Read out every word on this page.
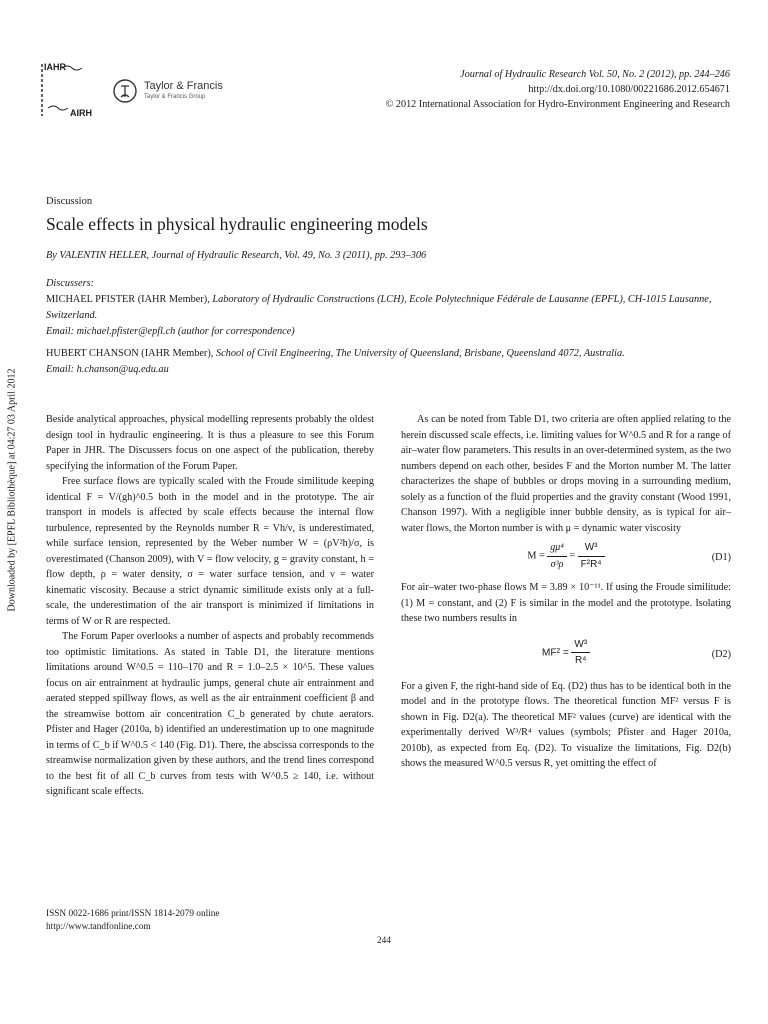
IAHR
AIRH
Taylor & Francis
Taylor & Francis Group
Journal of Hydraulic Research Vol. 50, No. 2 (2012), pp. 244–246
http://dx.doi.org/10.1080/00221686.2012.654671
© 2012 International Association for Hydro-Environment Engineering and Research
Discussion
Scale effects in physical hydraulic engineering models
By VALENTIN HELLER, Journal of Hydraulic Research, Vol. 49, No. 3 (2011), pp. 293–306
Discussers:
MICHAEL PFISTER (IAHR Member), Laboratory of Hydraulic Constructions (LCH), Ecole Polytechnique Fédérale de Lausanne (EPFL), CH-1015 Lausanne, Switzerland.
Email: michael.pfister@epfl.ch (author for correspondence)
HUBERT CHANSON (IAHR Member), School of Civil Engineering, The University of Queensland, Brisbane, Queensland 4072, Australia.
Email: h.chanson@uq.edu.au
Downloaded by [EPFL Bibliothèque] at 04:27 03 April 2012	Beside analytical approaches, physical modelling represents probably the oldest design tool in hydraulic engineering. It is thus a pleasure to see this Forum Paper in JHR. The Discussers focus on one aspect of the publication, thereby specifying the information of the Forum Paper.

Free surface flows are typically scaled with the Froude similitude keeping identical F = V/(gh)^0.5 both in the model and in the prototype. The air transport in models is affected by scale effects because the internal flow turbulence, represented by the Reynolds number R = Vh/ν, is underestimated, while surface tension, represented by the Weber number W = (ρV²h)/σ, is overestimated (Chanson 2009), with V = flow velocity, g = gravity constant, h = flow depth, ρ = water density, σ = water surface tension, and ν = water kinematic viscosity. Because a strict dynamic similitude exists only at a full-scale, the underestimation of the air transport is minimized if limitations in terms of W or R are respected.

The Forum Paper overlooks a number of aspects and probably recommends too optimistic limitations. As stated in Table D1, the literature mentions limitations around W^0.5 = 110–170 and R = 1.0–2.5 × 10^5. These values focus on air entrainment at hydraulic jumps, general chute air entrainment and aerated stepped spillway flows, as well as the air entrainment coefficient β and the streamwise bottom air concentration C_b generated by chute aerators. Pfister and Hager (2010a, b) identified an underestimation up to one magnitude in terms of C_b if W^0.5 < 140 (Fig. D1). There, the abscissa corresponds to the streamwise normalization given by these authors, and the trend lines correspond to the best fit of all C_b curves from tests with W^0.5 ≥ 140, i.e. without significant scale effects.

As can be noted from Table D1, two criteria are often applied relating to the herein discussed scale effects, i.e. limiting values for W^0.5 and R for a range of air–water flow parameters. This results in an over-determined system, as the two numbers depend on each other, besides F and the Morton number M. The latter characterizes the shape of bubbles or drops moving in a surrounding medium, solely as a function of the fluid properties and the gravity constant (Wood 1991, Chanson 1997). With a negligible inner bubble density, as is typical for air–water flows, the Morton number is with μ = dynamic water viscosity

$M = \frac{\text{gμ⁴}}{\text{σ³ρ}} = \frac{\text{W³}}{\text{F²R⁴}}$	(D1)

For air–water two-phase flows M = 3.89 × 10⁻¹¹. If using the Froude similitude: (1) M = constant, and (2) F is similar in the model and the prototype. Isolating these two numbers results in

$MF^2 = \frac{\text{W³}}{\text{R⁴}}$	(D2)

For a given F, the right-hand side of Eq. (D2) thus has to be identical both in the model and in the prototype flows. The theoretical function MF² versus F is shown in Fig. D2(a). The theoretical MF² values (curve) are identical with the experimentally derived W³/R⁴ values (symbols; Pfister and Hager 2010a, 2010b), as expected from Eq. (D2). To visualize the limitations, Fig. D2(b) shows the measured W^0.5 versus R, yet omitting the effect of

ISSN 0022-1686 print/ISSN 1814-2079 online
http://www.tandfonline.com
244
